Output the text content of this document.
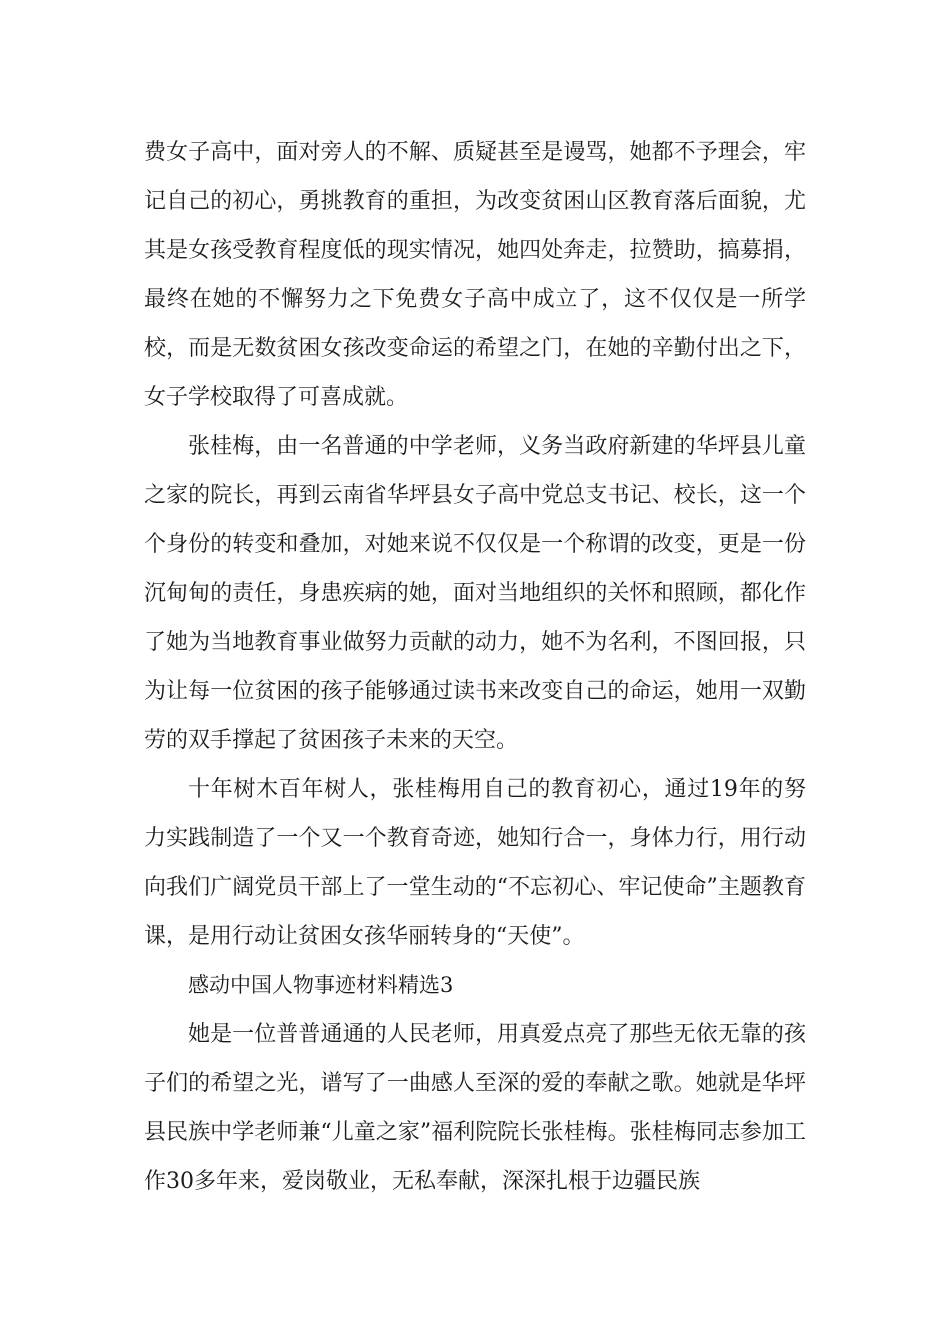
费女子高中，面对旁人的不解、质疑甚至是谩骂，她都不予理会，牢记自己的初心，勇挑教育的重担，为改变贫困山区教育落后面貌，尤其是女孩受教育程度低的现实情况，她四处奔走，拉赞助，搞募捐，最终在她的不懈努力之下免费女子高中成立了，这不仅仅是一所学校，而是无数贫困女孩改变命运的希望之门，在她的辛勤付出之下，女子学校取得了可喜成就。

张桂梅，由一名普通的中学老师，义务当政府新建的华坪县儿童之家的院长，再到云南省华坪县女子高中党总支书记、校长，这一个个身份的转变和叠加，对她来说不仅仅是一个称谓的改变，更是一份沉甸甸的责任，身患疾病的她，面对当地组织的关怀和照顾，都化作了她为当地教育事业做努力贡献的动力，她不为名利，不图回报，只为让每一位贫困的孩子能够通过读书来改变自己的命运，她用一双勤劳的双手撑起了贫困孩子未来的天空。

十年树木百年树人，张桂梅用自己的教育初心，通过19年的努力实践制造了一个又一个教育奇迹，她知行合一，身体力行，用行动向我们广阔党员干部上了一堂生动的“不忘初心、牢记使命”主题教育课，是用行动让贫困女孩华丽转身的“天使”。

感动中国人物事迹材料精选3

她是一位普普通通的人民老师，用真爱点亮了那些无依无靠的孩子们的希望之光，谱写了一曲感人至深的爱的奉献之歌。她就是华坪县民族中学老师兼“儿童之家”福利院院长张桂梅。张桂梅同志参加工作30多年来，爱岗敬业，无私奉献，深深扎根于边疆民族
